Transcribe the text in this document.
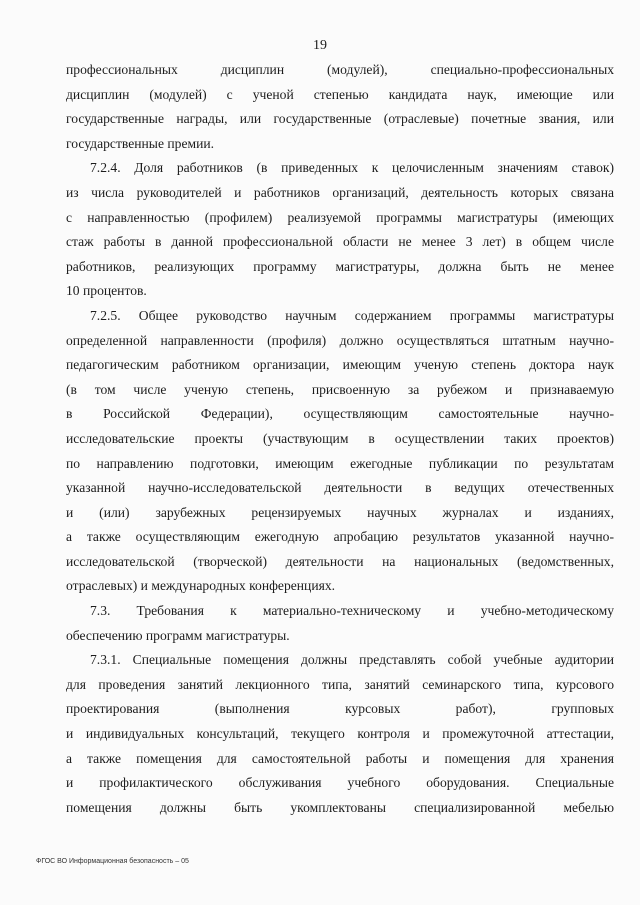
19
профессиональных дисциплин (модулей), специально-профессиональных
дисциплин (модулей) с ученой степенью кандидата наук, имеющие или
государственные награды, или государственные (отраслевые) почетные звания, или
государственные премии.
7.2.4. Доля работников (в приведенных к целочисленным значениям ставок)
из числа руководителей и работников организаций, деятельность которых связана
с направленностью (профилем) реализуемой программы магистратуры (имеющих
стаж работы в данной профессиональной области не менее 3 лет) в общем числе
работников, реализующих программу магистратуры, должна быть не менее
10 процентов.
7.2.5. Общее руководство научным содержанием программы магистратуры
определенной направленности (профиля) должно осуществляться штатным научно-
педагогическим работником организации, имеющим ученую степень доктора наук
(в том числе ученую степень, присвоенную за рубежом и признаваемую
в Российской Федерации), осуществляющим самостоятельные научно-
исследовательские проекты (участвующим в осуществлении таких проектов)
по направлению подготовки, имеющим ежегодные публикации по результатам
указанной научно-исследовательской деятельности в ведущих отечественных
и (или) зарубежных рецензируемых научных журналах и изданиях,
а также осуществляющим ежегодную апробацию результатов указанной научно-
исследовательской (творческой) деятельности на национальных (ведомственных,
отраслевых) и международных конференциях.
7.3. Требования к материально-техническому и учебно-методическому
обеспечению программ магистратуры.
7.3.1. Специальные помещения должны представлять собой учебные аудитории
для проведения занятий лекционного типа, занятий семинарского типа, курсового
проектирования (выполнения курсовых работ), групповых
и индивидуальных консультаций, текущего контроля и промежуточной аттестации,
а также помещения для самостоятельной работы и помещения для хранения
и профилактического обслуживания учебного оборудования. Специальные
помещения должны быть укомплектованы специализированной мебелью
ФГОС ВО Информационная безопасность – 05
